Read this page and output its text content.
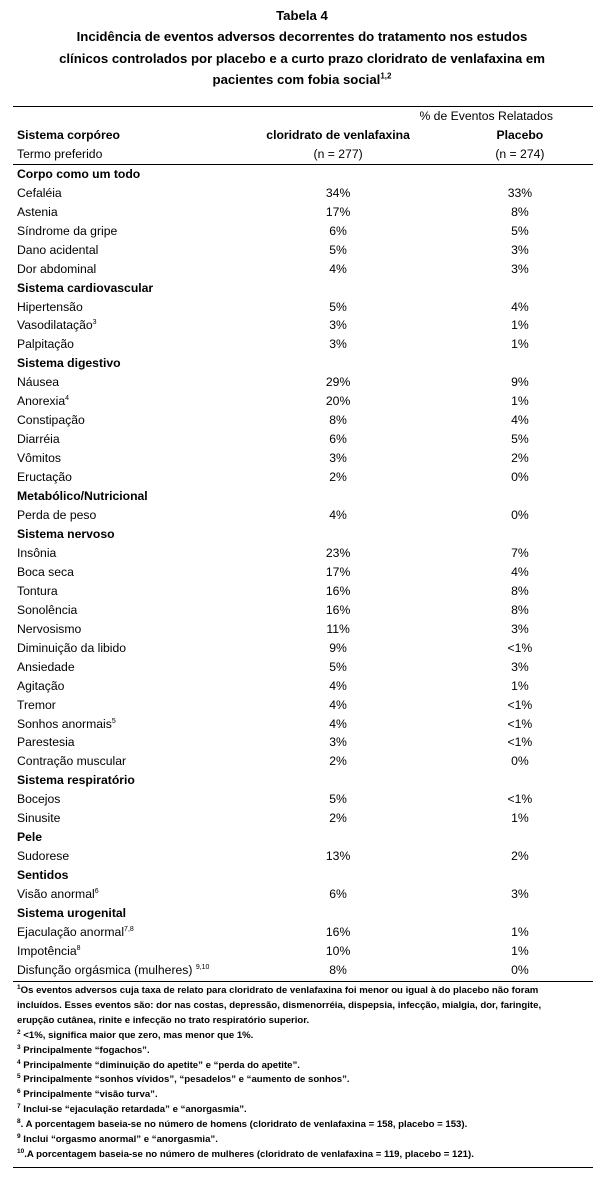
Tabela 4
Incidência de eventos adversos decorrentes do tratamento nos estudos
clínicos controlados por placebo e a curto prazo cloridrato de venlafaxina em
pacientes com fobia social$^{1,2}$
	% de Eventos Relatados	
Sistema corpóreo	cloridrato de venlafaxina	Placebo
Termo preferido	(n = 277)	(n = 274)
Corpo como um todo		
Cefaléia	34%	33%
Astenia	17%	8%
Síndrome da gripe	6%	5%
Dano acidental	5%	3%
Dor abdominal	4%	3%
Sistema cardiovascular		
Hipertensão	5%	4%
Vasodilatação$^3$	3%	1%
Palpitação	3%	1%
Sistema digestivo		
Náusea	29%	9%
Anorexia$^4$	20%	1%
Constipação	8%	4%
Diarréia	6%	5%
Vômitos	3%	2%
Eructação	2%	0%
Metabólico/Nutricional		
Perda de peso	4%	0%
Sistema nervoso		
Insônia	23%	7%
Boca seca	17%	4%
Tontura	16%	8%
Sonolência	16%	8%
Nervosismo	11%	3%
Diminuição da libido	9%	<1%
Ansiedade	5%	3%
Agitação	4%	1%
Tremor	4%	<1%
Sonhos anormais$^5$	4%	<1%
Parestesia	3%	<1%
Contração muscular	2%	0%
Sistema respiratório		
Bocejos	5%	<1%
Sinusite	2%	1%
Pele		
Sudorese	13%	2%
Sentidos		
Visão anormal$^6$	6%	3%
Sistema urogenital		
Ejaculação anormal$^{7,8}$	16%	1%
Impotência$^8$	10%	1%
Disfunção orgásmica (mulheres) $^{9,10}$	8%	0%

$^1$Os eventos adversos cuja taxa de relato para cloridrato de venlafaxina foi menor ou igual à do placebo não foram

incluídos. Esses eventos são: dor nas costas, depressão, dismenorréia, dispepsia, infecção, mialgia, dor, faringite,

erupção cutânea, rinite e infecção no trato respiratório superior.

$^2$ <1%, significa maior que zero, mas menor que 1%.

$^3$ Principalmente “fogachos”.

$^4$ Principalmente “diminuição do apetite” e “perda do apetite”.

$^5$ Principalmente “sonhos vívidos”, “pesadelos” e “aumento de sonhos”.

$^6$ Principalmente “visão turva”.

$^7$ Inclui-se “ejaculação retardada” e “anorgasmia”.

$^8$. A porcentagem baseia-se no número de homens (cloridrato de venlafaxina = 158, placebo = 153).

$^9$ Inclui “orgasmo anormal” e “anorgasmia”.

$^{10}$.A porcentagem baseia-se no número de mulheres (cloridrato de venlafaxina = 119, placebo = 121).
